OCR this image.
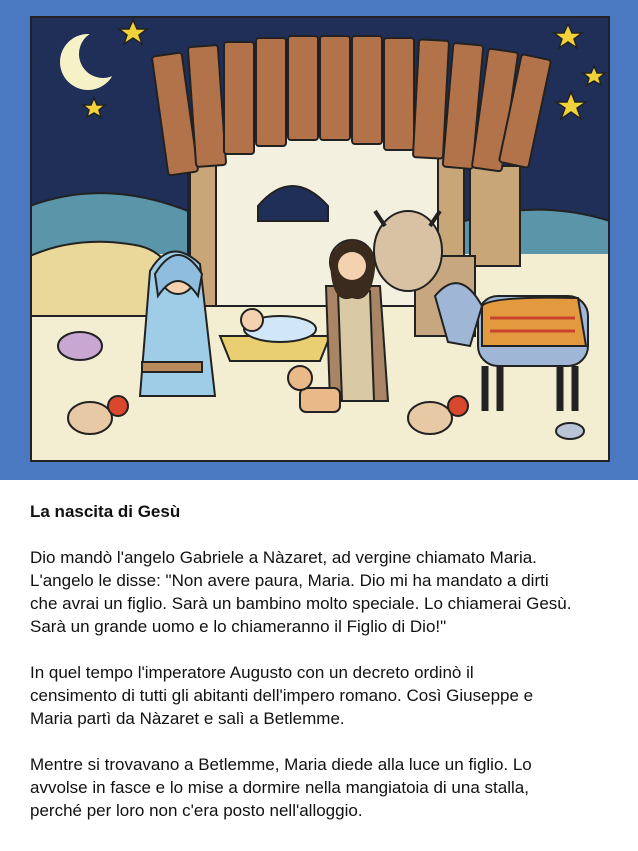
La nascita di Gesù
Dio mandò l'angelo Gabriele a Nàzaret, ad vergine chiamato Maria.
L'angelo le disse: "Non avere paura, Maria. Dio mi ha mandato a dirti
che avrai un figlio. Sarà un bambino molto speciale. Lo chiamerai Gesù.
Sarà un grande uomo e lo chiameranno il Figlio di Dio!"
In quel tempo l'imperatore Augusto con un decreto ordinò il
censimento di tutti gli abitanti dell'impero romano. Così Giuseppe e
Maria partì da Nàzaret e salì a Betlemme.
Mentre si trovavano a Betlemme, Maria diede alla luce un figlio. Lo
avvolse in fasce e lo mise a dormire nella mangiatoia di una stalla,
perché per loro non c'era posto nell'alloggio.
